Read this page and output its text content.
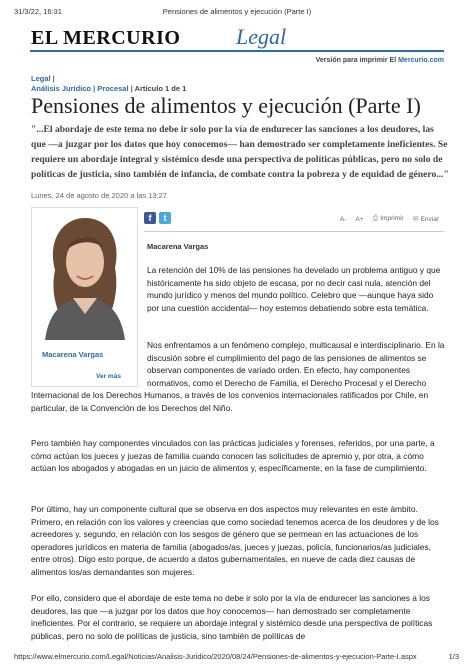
31/3/22, 16:31	Pensiones de alimentos y ejecución (Parte I)
EL MERCURIO	Legal
Versión para imprimir El Mercurio.com
Legal |
Análisis Jurídico | Procesal | Artículo 1 de 1
Pensiones de alimentos y ejecución (Parte I)
"...El abordaje de este tema no debe ir solo por la vía de endurecer las sanciones a los deudores, las que —a juzgar por los datos que hoy conocemos— han demostrado ser completamente ineficientes. Se requiere un abordaje integral y sistémico desde una perspectiva de políticas públicas, pero no solo de políticas de justicia, sino también de infancia, de combate contra la pobreza y de equidad de género..."
Lunes, 24 de agosto de 2020 a las 13:27
Macarena Vargas
Ver más
f	t	A- A+ ⎙ Imprimir ✉ Enviar
Macarena Vargas
La retención del 10% de las pensiones ha develado un problema antiguo y que históricamente ha sido objeto de escasa, por no decir casi nula, atención del mundo jurídico y menos del mundo político. Celebro que —aunque haya sido por una cuestión accidental— hoy estemos debatiendo sobre esta temática.
Nos enfrentamos a un fenómeno complejo, multicausal e interdisciplinario. En la discusión sobre el cumplimiento del pago de las pensiones de alimentos se observan componentes de variado orden. En efecto, hay componentes normativos, como el Derecho de Familia, el Derecho Procesal y el Derecho
Internacional de los Derechos Humanos, a través de los convenios internacionales ratificados por Chile, en particular, de la Convención de los Derechos del Niño.
Pero también hay componentes vinculados con las prácticas judiciales y forenses, referidos, por una parte, a cómo actúan los jueces y juezas de familia cuando conocen las solicitudes de apremio y, por otra, a cómo actúan los abogados y abogadas en un juicio de alimentos y, específicamente, en la fase de cumplimiento.
Por último, hay un componente cultural que se observa en dos aspectos muy relevantes en este ámbito. Primero, en relación con los valores y creencias que como sociedad tenemos acerca de los deudores y de los acreedores y, segundo, en relación con los sesgos de género que se permean en las actuaciones de los operadores jurídicos en materia de familia (abogados/as, jueces y juezas, policía, funcionarios/as judiciales, entre otros). Digo esto porque, de acuerdo a datos gubernamentales, en nueve de cada diez causas de alimentos los/as demandantes son mujeres.
Por ello, considero que el abordaje de este tema no debe ir solo por la vía de endurecer las sanciones a los deudores, las que —a juzgar por los datos que hoy conocemos— han demostrado ser completamente ineficientes. Por el contrario, se requiere un abordaje integral y sistémico desde una perspectiva de políticas públicas, pero no solo de políticas de justicia, sino también de políticas de
https://www.elmercurio.com/Legal/Noticias/Analisis-Juridico/2020/08/24/Pensiones-de-alimentos-y-ejecucion-Parte-I.aspx	1/3
